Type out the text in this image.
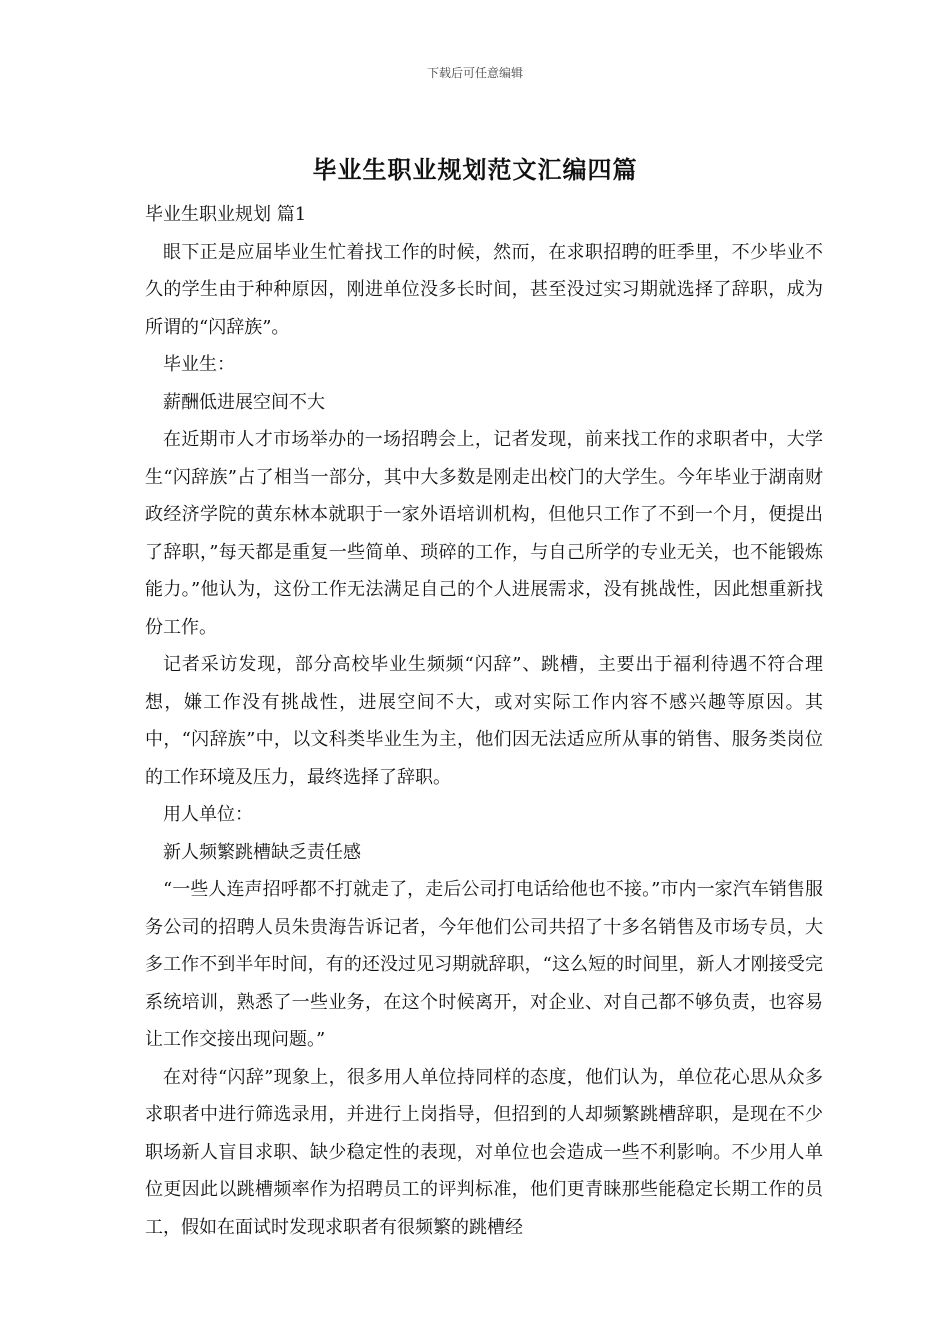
下载后可任意编辑
毕业生职业规划范文汇编四篇

毕业生职业规划 篇1

眼下正是应届毕业生忙着找工作的时候，然而，在求职招聘的旺季里，不少毕业不久的学生由于种种原因，刚进单位没多长时间，甚至没过实习期就选择了辞职，成为所谓的“闪辞族”。

毕业生：

薪酬低进展空间不大

在近期市人才市场举办的一场招聘会上，记者发现，前来找工作的求职者中，大学生“闪辞族”占了相当一部分，其中大多数是刚走出校门的大学生。今年毕业于湖南财政经济学院的黄东林本就职于一家外语培训机构，但他只工作了不到一个月，便提出了辞职，”每天都是重复一些简单、琐碎的工作，与自己所学的专业无关，也不能锻炼能力。”他认为，这份工作无法满足自己的个人进展需求，没有挑战性，因此想重新找份工作。

记者采访发现，部分高校毕业生频频“闪辞”、跳槽，主要出于福利待遇不符合理想，嫌工作没有挑战性，进展空间不大，或对实际工作内容不感兴趣等原因。其中，“闪辞族”中，以文科类毕业生为主，他们因无法适应所从事的销售、服务类岗位的工作环境及压力，最终选择了辞职。

用人单位：

新人频繁跳槽缺乏责任感

“一些人连声招呼都不打就走了，走后公司打电话给他也不接。”市内一家汽车销售服务公司的招聘人员朱贵海告诉记者，今年他们公司共招了十多名销售及市场专员，大多工作不到半年时间，有的还没过见习期就辞职，“这么短的时间里，新人才刚接受完系统培训，熟悉了一些业务，在这个时候离开，对企业、对自己都不够负责，也容易让工作交接出现问题。”

在对待“闪辞”现象上，很多用人单位持同样的态度，他们认为，单位花心思从众多求职者中进行筛选录用，并进行上岗指导，但招到的人却频繁跳槽辞职，是现在不少职场新人盲目求职、缺少稳定性的表现，对单位也会造成一些不利影响。不少用人单位更因此以跳槽频率作为招聘员工的评判标准，他们更青睐那些能稳定长期工作的员工，假如在面试时发现求职者有很频繁的跳槽经
